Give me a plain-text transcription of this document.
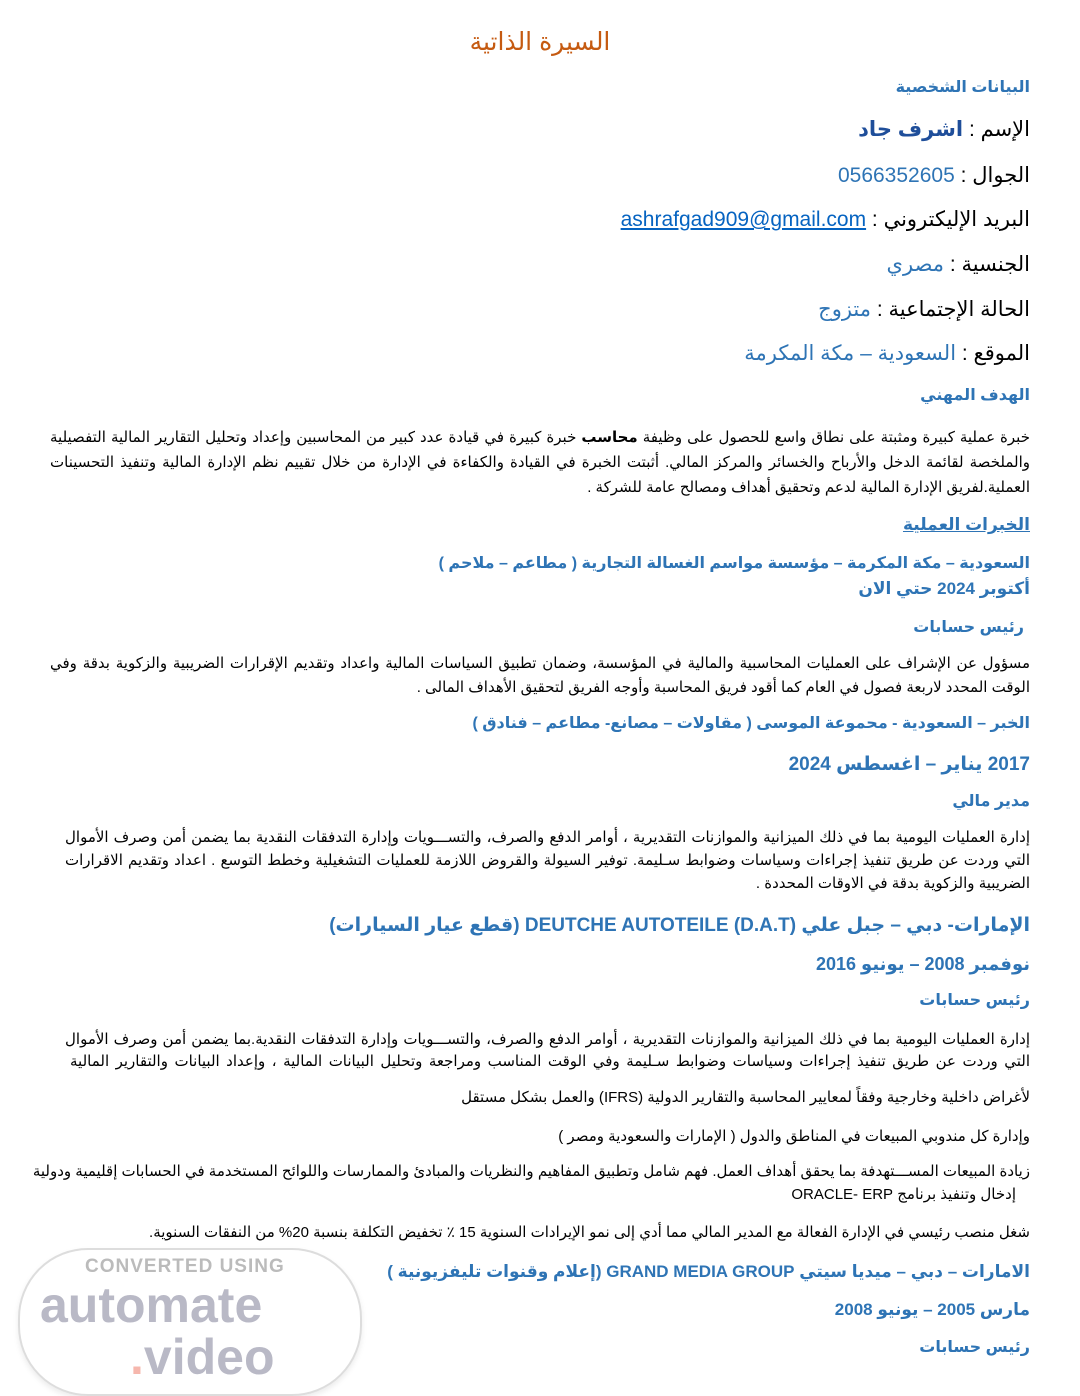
السيرة الذاتية
البيانات الشخصية
الإسم : اشرف جاد
الجوال : 0566352605
البريد الإليكتروني : ashrafgad909@gmail.com
الجنسية : مصري
الحالة الإجتماعية : متزوج
الموقع : السعودية – مكة المكرمة
الهدف المهني
خبرة عملية كبيرة ومثبتة على نطاق واسع للحصول على وظيفة محاسب خبرة كبيرة في قيادة عدد كبير من المحاسبين وإعداد وتحليل التقارير المالية التفصيلية
والملخصة لقائمة الدخل والأرباح والخسائر والمركز المالي. أثبتت الخبرة في القيادة والكفاءة في الإدارة من خلال تقييم نظم الإدارة المالية وتنفيذ التحسينات
العملية.لفريق الإدارة المالية لدعم وتحقيق أهداف ومصالح عامة للشركة .
الخبرات العملية
السعودية – مكة المكرمة – مؤسسة مواسم الغسالة التجارية ( مطاعم – ملاحم )
أكتوبر 2024 حتي الان
رئيس حسابات
مسؤول عن الإشراف على العمليات المحاسبية والمالية في المؤسسة، وضمان تطبيق السياسات المالية واعداد وتقديم الإقرارات الضريبية والزكوية بدقة وفي
الوقت المحدد لاربعة فصول في العام كما أقود فريق المحاسبة وأوجه الفريق لتحقيق الأهداف المالى .
الخبر – السعودية - محموعة الموسى ( مقاولات – مصانع- مطاعم – فنادق )
2017 يناير – اغسطس 2024
مدير مالي
إدارة العمليات اليومية بما في ذلك الميزانية والموازنات التقديرية ، أوامر الدفع والصرف، والتســـويات وإدارة التدفقات النقدية بما يضمن أمن وصرف الأموال
التي وردت عن طريق تنفيذ إجراءات وسياسات وضوابط سـليمة. توفير السيولة والقروض اللازمة للعمليات التشغيلية وخطط التوسع . اعداد وتقديم الاقرارات
الضريبية والزكوية بدقة في الاوقات المحددة .
الإمارات- دبي – جبل علي DEUTCHE AUTOTEILE (D.A.T) (قطع عيار السيارات)
نوفمبر 2008 – يونيو 2016
رئيس حسابات
إدارة العمليات اليومية بما في ذلك الميزانية والموازنات التقديرية ، أوامر الدفع والصرف، والتســـويات وإدارة التدفقات النقدية.بما يضمن أمن وصرف الأموال
التي وردت عن طريق تنفيذ إجراءات وسياسات وضوابط سـليمة وفي الوقت المناسب ومراجعة وتحليل البيانات المالية ، وإعداد البيانات والتقارير المالية
لأغراض داخلية وخارجية وفقاً لمعايير المحاسبة والتقارير الدولية (IFRS) والعمل بشكل مستقل
وإدارة كل مندوبي المبيعات في المناطق والدول ( الإمارات والسعودية ومصر )
زيادة المبيعات المســـتهدفة بما يحقق أهداف العمل. فهم شامل وتطبيق المفاهيم والنظريات والمبادئ والممارسات واللوائح المستخدمة في الحسابات إقليمية ودولية
إدخال وتنفيذ برنامج ORACLE- ERP
شغل منصب رئيسي في الإدارة الفعالة مع المدير المالي مما أدي إلى نمو الإيرادات السنوية 15 ٪ تخفيض التكلفة بنسبة 20% من النفقات السنوية.
الامارات – دبي – ميديا سيتي GRAND MEDIA GROUP (إعلام وقنوات تليفزيونية )
مارس 2005 – يونيو 2008
رئيس حسابات
CONVERTED USING
automate
.video
